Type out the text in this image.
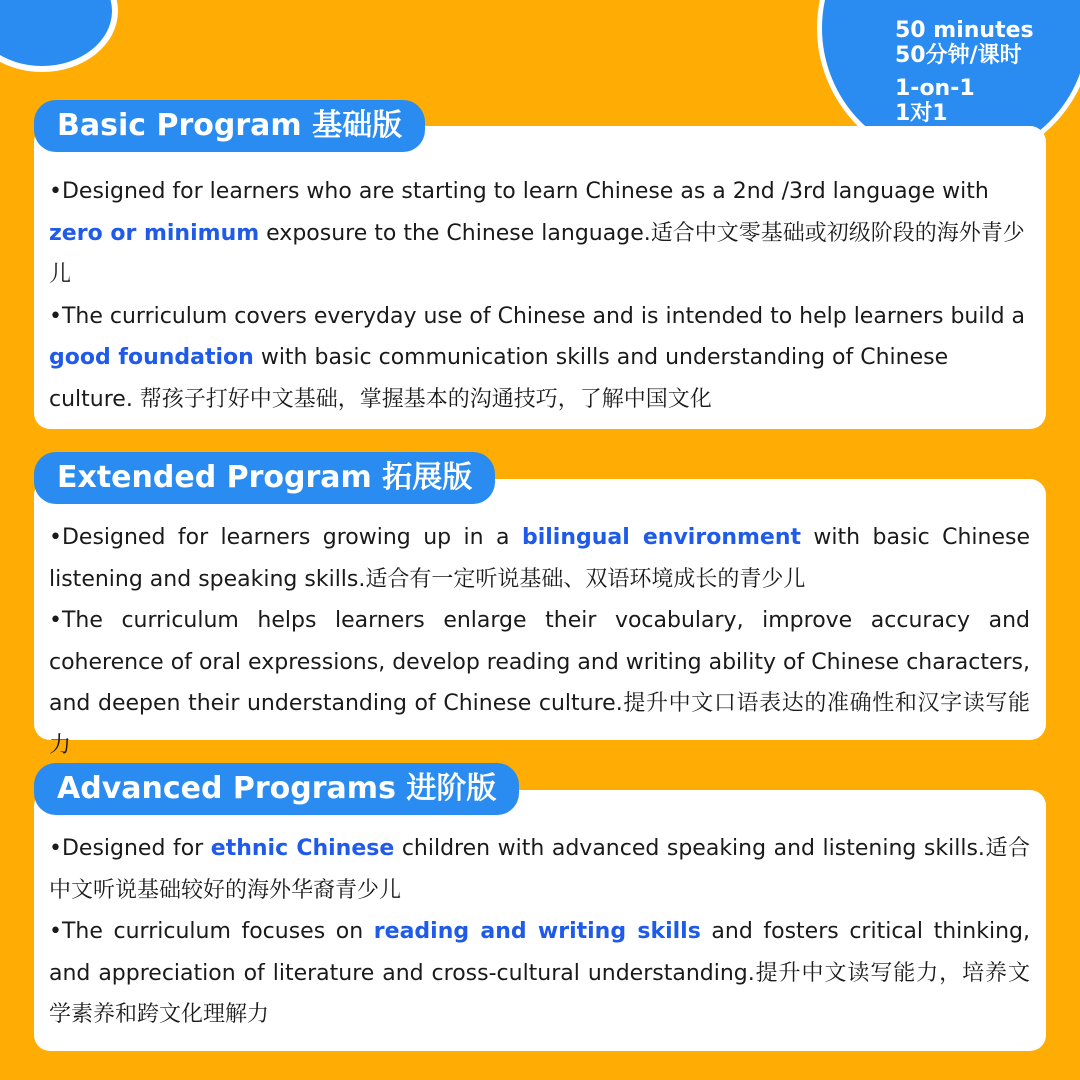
50 minutes
50分钟/课时
1-on-1
1对1

•Designed for learners who are starting to learn Chinese as a 2nd /3rd language with zero or minimum exposure to the Chinese language.适合中文零基础或初级阶段的海外青少儿

•The curriculum covers everyday use of Chinese and is intended to help learners build a good foundation with basic communication skills and understanding of Chinese culture. 帮孩子打好中文基础，掌握基本的沟通技巧，了解中国文化

Basic Program 基础版

•Designed for learners growing up in a bilingual environment with basic Chinese listening and speaking skills.适合有一定听说基础、双语环境成长的青少儿

•The curriculum helps learners enlarge their vocabulary, improve accuracy and coherence of oral expressions, develop reading and writing ability of Chinese characters, and deepen their understanding of Chinese culture.提升中文口语表达的准确性和汉字读写能力

Extended Program 拓展版

•Designed for ethnic Chinese children with advanced speaking and listening skills.适合中文听说基础较好的海外华裔青少儿

•The curriculum focuses on reading and writing skills and fosters critical thinking, and appreciation of literature and cross-cultural understanding.提升中文读写能力，培养文学素养和跨文化理解力

Advanced Programs 进阶版
